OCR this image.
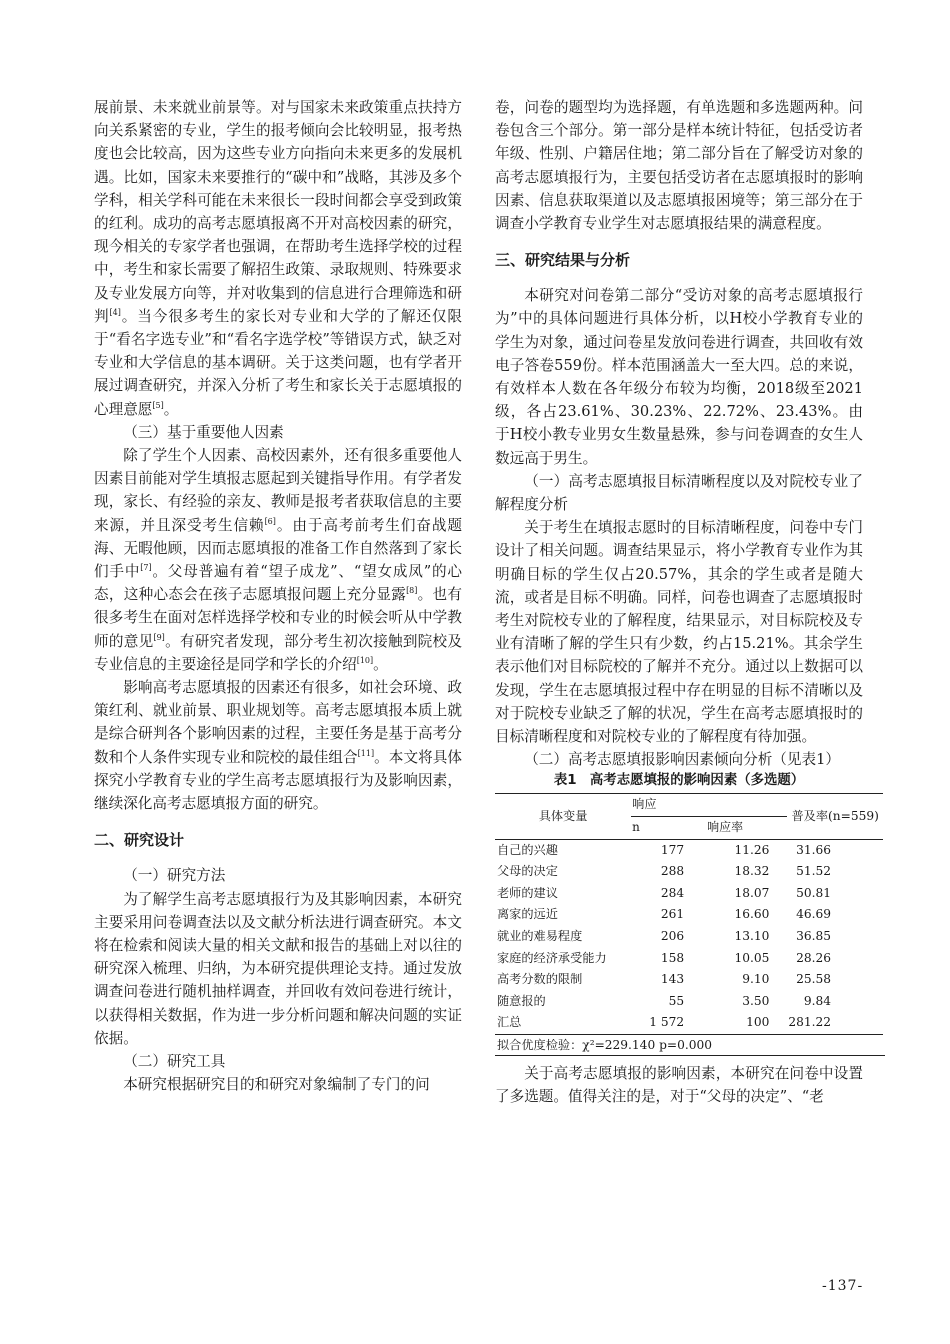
展前景、未来就业前景等。对与国家未来政策重点扶持方向关系紧密的专业，学生的报考倾向会比较明显，报考热度也会比较高，因为这些专业方向指向未来更多的发展机遇。比如，国家未来要推行的“碳中和”战略，其涉及多个学科，相关学科可能在未来很长一段时间都会享受到政策的红利。成功的高考志愿填报离不开对高校因素的研究，现今相关的专家学者也强调，在帮助考生选择学校的过程中，考生和家长需要了解招生政策、录取规则、特殊要求及专业发展方向等，并对收集到的信息进行合理筛选和研判[4]。当今很多考生的家长对专业和大学的了解还仅限于“看名字选专业”和“看名字选学校”等错误方式，缺乏对专业和大学信息的基本调研。关于这类问题，也有学者开展过调查研究，并深入分析了考生和家长关于志愿填报的心理意愿[5]。

（三）基于重要他人因素

除了学生个人因素、高校因素外，还有很多重要他人因素目前能对学生填报志愿起到关键指导作用。有学者发现，家长、有经验的亲友、教师是报考者获取信息的主要来源，并且深受考生信赖[6]。由于高考前考生们奋战题海、无暇他顾，因而志愿填报的准备工作自然落到了家长们手中[7]。父母普遍有着“望子成龙”、“望女成凤”的心态，这种心态会在孩子志愿填报问题上充分显露[8]。也有很多考生在面对怎样选择学校和专业的时候会听从中学教师的意见[9]。有研究者发现，部分考生初次接触到院校及专业信息的主要途径是同学和学长的介绍[10]。

影响高考志愿填报的因素还有很多，如社会环境、政策红利、就业前景、职业规划等。高考志愿填报本质上就是综合研判各个影响因素的过程，主要任务是基于高考分数和个人条件实现专业和院校的最佳组合[11]。本文将具体探究小学教育专业的学生高考志愿填报行为及影响因素，继续深化高考志愿填报方面的研究。

二、研究设计
（一）研究方法

为了解学生高考志愿填报行为及其影响因素，本研究主要采用问卷调查法以及文献分析法进行调查研究。本文将在检索和阅读大量的相关文献和报告的基础上对以往的研究深入梳理、归纳，为本研究提供理论支持。通过发放调查问卷进行随机抽样调查，并回收有效问卷进行统计，以获得相关数据，作为进一步分析问题和解决问题的实证依据。

（二）研究工具

本研究根据研究目的和研究对象编制了专门的问

卷，问卷的题型均为选择题，有单选题和多选题两种。问卷包含三个部分。第一部分是样本统计特征，包括受访者年级、性别、户籍居住地；第二部分旨在了解受访对象的高考志愿填报行为，主要包括受访者在志愿填报时的影响因素、信息获取渠道以及志愿填报困境等；第三部分在于调查小学教育专业学生对志愿填报结果的满意程度。

三、研究结果与分析

本研究对问卷第二部分“受访对象的高考志愿填报行为”中的具体问题进行具体分析，以H校小学教育专业的学生为对象，通过问卷星发放问卷进行调查，共回收有效电子答卷559份。样本范围涵盖大一至大四。总的来说，有效样本人数在各年级分布较为均衡，2018级至2021级，各占23.61%、30.23%、22.72%、23.43%。由于H校小教专业男女生数量悬殊，参与问卷调查的女生人数远高于男生。

（一）高考志愿填报目标清晰程度以及对院校专业了解程度分析

关于考生在填报志愿时的目标清晰程度，问卷中专门设计了相关问题。调查结果显示，将小学教育专业作为其明确目标的学生仅占20.57%，其余的学生或者是随大流，或者是目标不明确。同样，问卷也调查了志愿填报时考生对院校专业的了解程度，结果显示，对目标院校及专业有清晰了解的学生只有少数，约占15.21%。其余学生表示他们对目标院校的了解并不充分。通过以上数据可以发现，学生在志愿填报过程中存在明显的目标不清晰以及对于院校专业缺乏了解的状况，学生在高考志愿填报时的目标清晰程度和对院校专业的了解程度有待加强。

（二）高考志愿填报影响因素倾向分析（见表1）
表1　高考志愿填报的影响因素（多选题）
具体变量	响应		普及率(n=559)
	n	响应率	
自己的兴趣	177	11.26	31.66
父母的决定	288	18.32	51.52
老师的建议	284	18.07	50.81
离家的远近	261	16.60	46.69
就业的难易程度	206	13.10	36.85
家庭的经济承受能力	158	10.05	28.26
高考分数的限制	143	9.10	25.58
随意报的	55	3.50	9.84
汇总	1 572	100	281.22
拟合优度检验：χ²=229.140 p=0.000

关于高考志愿填报的影响因素，本研究在问卷中设置了多选题。值得关注的是，对于“父母的决定”、“老

-137-
